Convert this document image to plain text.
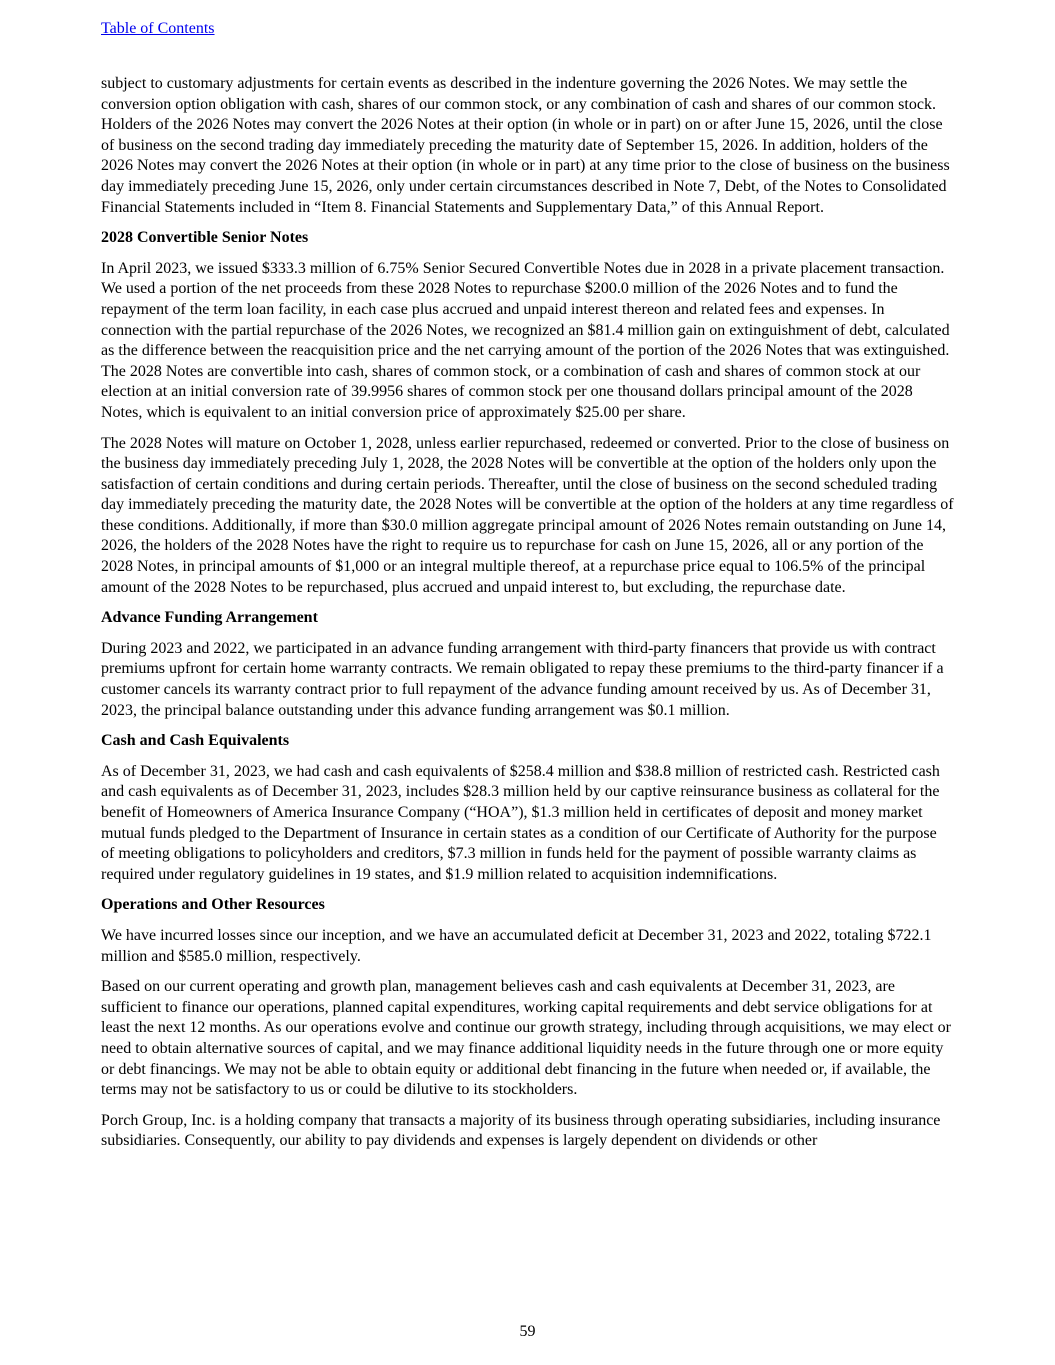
Table of Contents

subject to customary adjustments for certain events as described in the indenture governing the 2026 Notes. We may settle the conversion option obligation with cash, shares of our common stock, or any combination of cash and shares of our common stock. Holders of the 2026 Notes may convert the 2026 Notes at their option (in whole or in part) on or after June 15, 2026, until the close of business on the second trading day immediately preceding the maturity date of September 15, 2026. In addition, holders of the 2026 Notes may convert the 2026 Notes at their option (in whole or in part) at any time prior to the close of business on the business day immediately preceding June 15, 2026, only under certain circumstances described in Note 7, Debt, of the Notes to Consolidated Financial Statements included in “Item 8. Financial Statements and Supplementary Data,” of this Annual Report.

2028 Convertible Senior Notes

In April 2023, we issued $333.3 million of 6.75% Senior Secured Convertible Notes due in 2028 in a private placement transaction. We used a portion of the net proceeds from these 2028 Notes to repurchase $200.0 million of the 2026 Notes and to fund the repayment of the term loan facility, in each case plus accrued and unpaid interest thereon and related fees and expenses. In connection with the partial repurchase of the 2026 Notes, we recognized an $81.4 million gain on extinguishment of debt, calculated as the difference between the reacquisition price and the net carrying amount of the portion of the 2026 Notes that was extinguished. The 2028 Notes are convertible into cash, shares of common stock, or a combination of cash and shares of common stock at our election at an initial conversion rate of 39.9956 shares of common stock per one thousand dollars principal amount of the 2028 Notes, which is equivalent to an initial conversion price of approximately $25.00 per share.

The 2028 Notes will mature on October 1, 2028, unless earlier repurchased, redeemed or converted. Prior to the close of business on the business day immediately preceding July 1, 2028, the 2028 Notes will be convertible at the option of the holders only upon the satisfaction of certain conditions and during certain periods. Thereafter, until the close of business on the second scheduled trading day immediately preceding the maturity date, the 2028 Notes will be convertible at the option of the holders at any time regardless of these conditions. Additionally, if more than $30.0 million aggregate principal amount of 2026 Notes remain outstanding on June 14, 2026, the holders of the 2028 Notes have the right to require us to repurchase for cash on June 15, 2026, all or any portion of the 2028 Notes, in principal amounts of $1,000 or an integral multiple thereof, at a repurchase price equal to 106.5% of the principal amount of the 2028 Notes to be repurchased, plus accrued and unpaid interest to, but excluding, the repurchase date.

Advance Funding Arrangement

During 2023 and 2022, we participated in an advance funding arrangement with third-party financers that provide us with contract premiums upfront for certain home warranty contracts. We remain obligated to repay these premiums to the third-party financer if a customer cancels its warranty contract prior to full repayment of the advance funding amount received by us. As of December 31, 2023, the principal balance outstanding under this advance funding arrangement was $0.1 million.

Cash and Cash Equivalents

As of December 31, 2023, we had cash and cash equivalents of $258.4 million and $38.8 million of restricted cash. Restricted cash and cash equivalents as of December 31, 2023, includes $28.3 million held by our captive reinsurance business as collateral for the benefit of Homeowners of America Insurance Company (“HOA”), $1.3 million held in certificates of deposit and money market mutual funds pledged to the Department of Insurance in certain states as a condition of our Certificate of Authority for the purpose of meeting obligations to policyholders and creditors, $7.3 million in funds held for the payment of possible warranty claims as required under regulatory guidelines in 19 states, and $1.9 million related to acquisition indemnifications.

Operations and Other Resources

We have incurred losses since our inception, and we have an accumulated deficit at December 31, 2023 and 2022, totaling $722.1 million and $585.0 million, respectively.

Based on our current operating and growth plan, management believes cash and cash equivalents at December 31, 2023, are sufficient to finance our operations, planned capital expenditures, working capital requirements and debt service obligations for at least the next 12 months. As our operations evolve and continue our growth strategy, including through acquisitions, we may elect or need to obtain alternative sources of capital, and we may finance additional liquidity needs in the future through one or more equity or debt financings. We may not be able to obtain equity or additional debt financing in the future when needed or, if available, the terms may not be satisfactory to us or could be dilutive to its stockholders.

Porch Group, Inc. is a holding company that transacts a majority of its business through operating subsidiaries, including insurance subsidiaries. Consequently, our ability to pay dividends and expenses is largely dependent on dividends or other

59
